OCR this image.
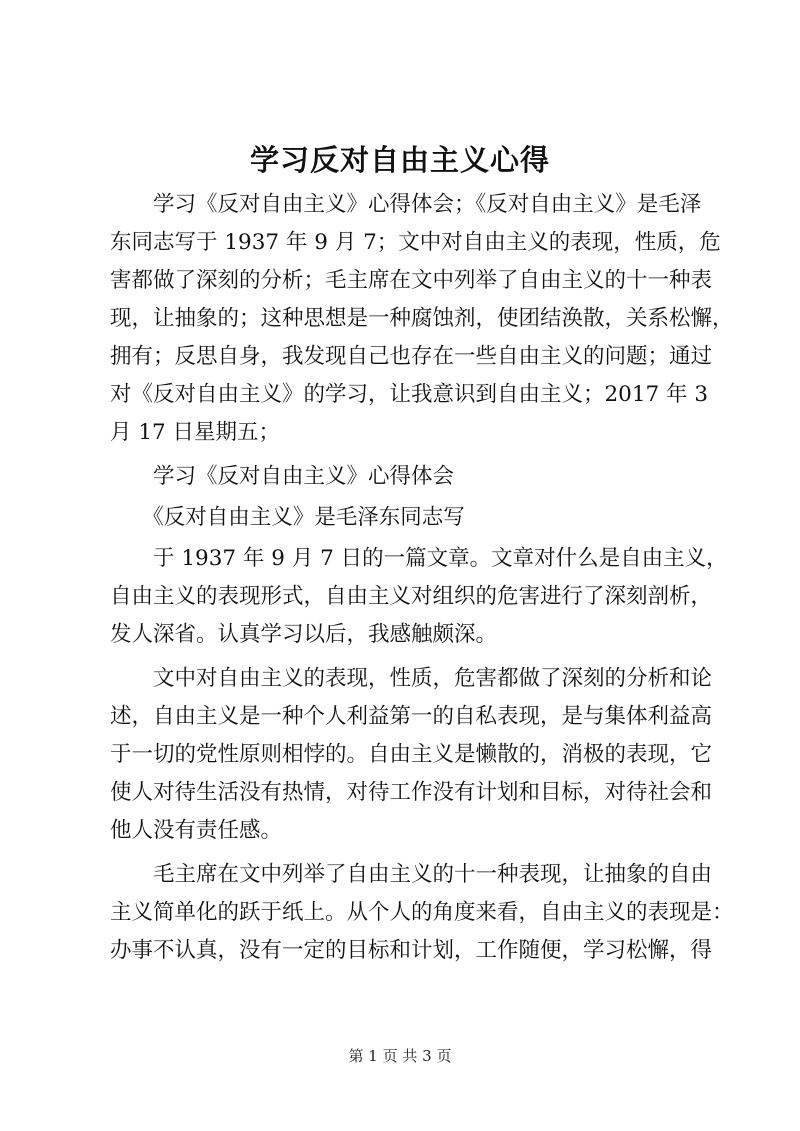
学习反对自由主义心得

　　学习《反对自由主义》心得体会；《反对自由主义》是毛泽

东同志写于 1937 年 9 月 7；文中对自由主义的表现，性质，危

害都做了深刻的分析；毛主席在文中列举了自由主义的十一种表

现，让抽象的；这种思想是一种腐蚀剂，使团结涣散，关系松懈，

拥有；反思自身，我发现自己也存在一些自由主义的问题；通过

对《反对自由主义》的学习，让我意识到自由主义；2017 年 3

月 17 日星期五；

　　学习《反对自由主义》心得体会

　　《反对自由主义》是毛泽东同志写

　　于 1937 年 9 月 7 日的一篇文章。文章对什么是自由主义，

自由主义的表现形式，自由主义对组织的危害进行了深刻剖析，

发人深省。认真学习以后，我感触颇深。

　　文中对自由主义的表现，性质，危害都做了深刻的分析和论

述，自由主义是一种个人利益第一的自私表现，是与集体利益高

于一切的党性原则相悖的。自由主义是懒散的，消极的表现，它

使人对待生活没有热情，对待工作没有计划和目标，对待社会和

他人没有责任感。

　　毛主席在文中列举了自由主义的十一种表现，让抽象的自由

主义简单化的跃于纸上。从个人的角度来看，自由主义的表现是：

办事不认真，没有一定的目标和计划，工作随便，学习松懈，得

第 1 页 共 3 页
